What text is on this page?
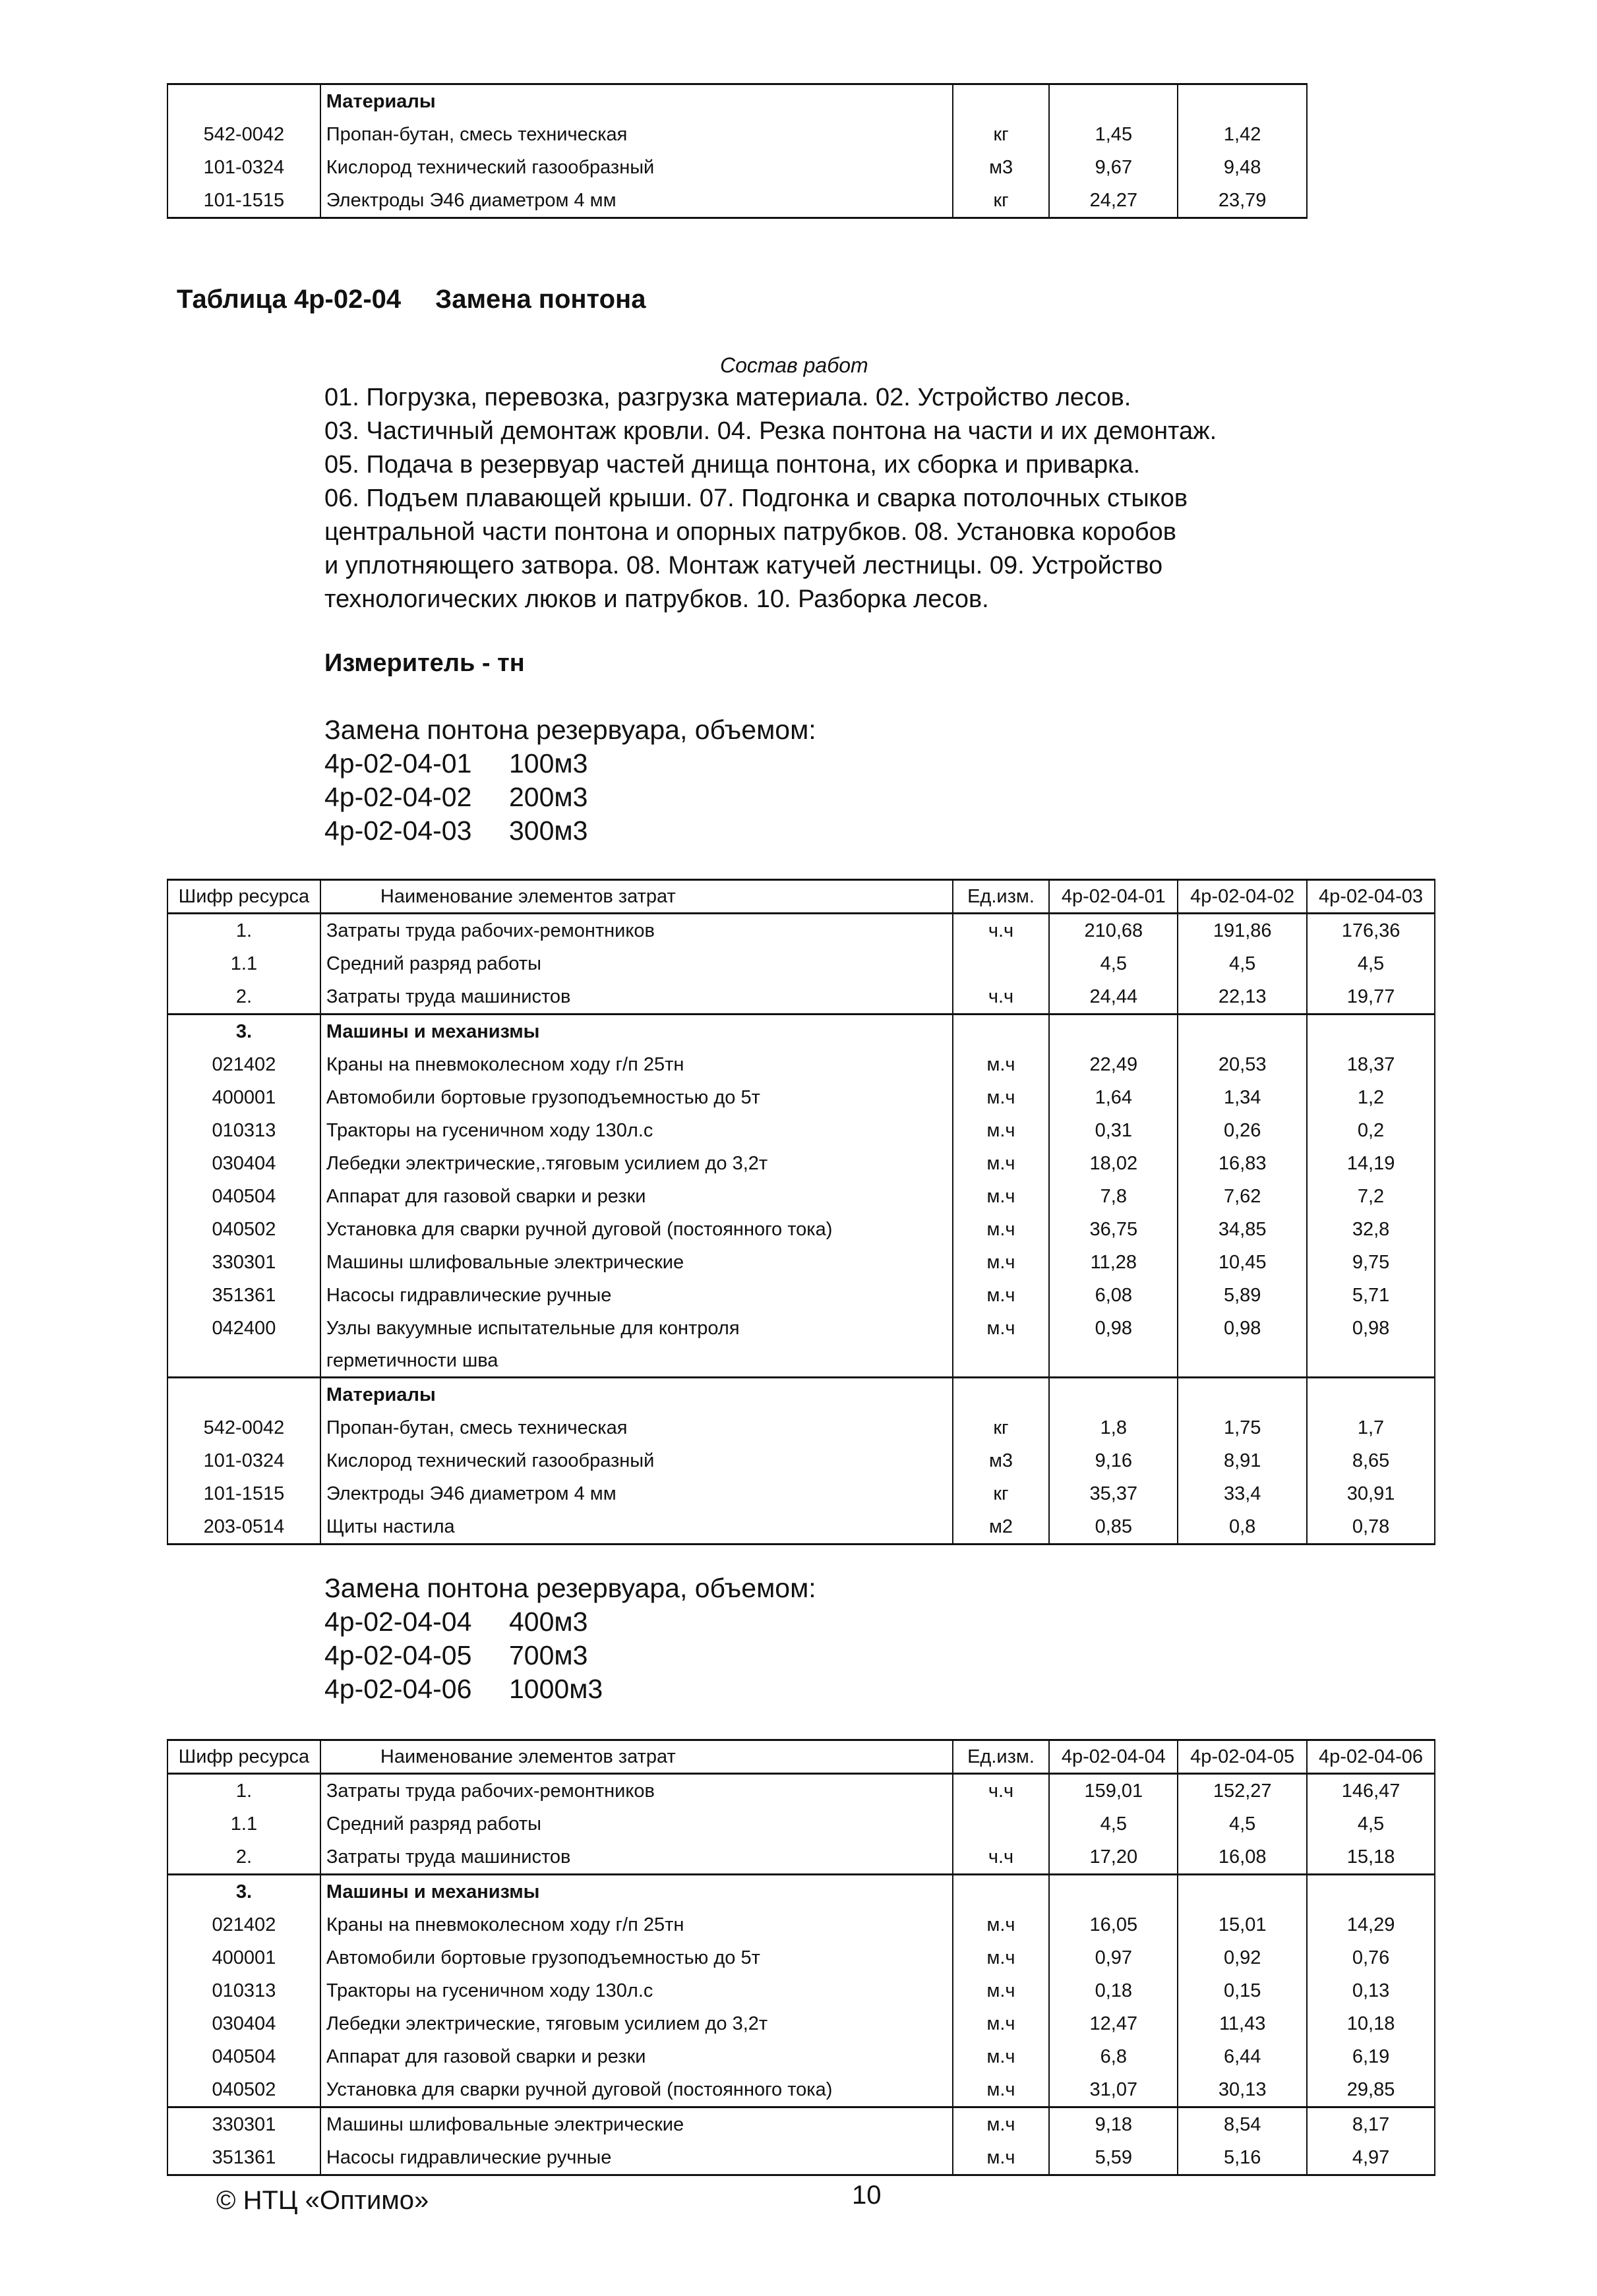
	Материалы			
542-0042	Пропан-бутан, смесь техническая	кг	1,45	1,42
101-0324	Кислород технический газообразный	м3	9,67	9,48
101-1515	Электроды Э46 диаметром 4 мм	кг	24,27	23,79
Таблица 4р-02-04 Замена понтона
Состав работ
01. Погрузка, перевозка, разгрузка материала. 02. Устройство лесов.
03. Частичный демонтаж кровли. 04. Резка понтона на части и их демонтаж.
05. Подача в резервуар частей днища понтона, их сборка и приварка.
06. Подъем плавающей крыши. 07. Подгонка и сварка потолочных стыков
центральной части понтона и опорных патрубков. 08. Установка коробов
и уплотняющего затвора. 08. Монтаж катучей лестницы. 09. Устройство
технологических люков и патрубков. 10. Разборка лесов.
Измеритель - тн
Замена понтона резервуара, объемом:
4р-02-04-01 100м3
4р-02-04-02 200м3
4р-02-04-03 300м3
Шифр ресурса	Наименование элементов затрат	Ед.изм.	4р-02-04-01	4р-02-04-02	4р-02-04-03
1.	Затраты труда рабочих-ремонтников	ч.ч	210,68	191,86	176,36
1.1	Средний разряд работы		4,5	4,5	4,5
2.	Затраты труда машинистов	ч.ч	24,44	22,13	19,77
3.	Машины и механизмы				
021402	Краны на пневмоколесном ходу г/п 25тн	м.ч	22,49	20,53	18,37
400001	Автомобили бортовые грузоподъемностью до 5т	м.ч	1,64	1,34	1,2
010313	Тракторы на гусеничном ходу 130л.с	м.ч	0,31	0,26	0,2
030404	Лебедки электрические,.тяговым усилием до 3,2т	м.ч	18,02	16,83	14,19
040504	Аппарат для газовой сварки и резки	м.ч	7,8	7,62	7,2
040502	Установка для сварки ручной дуговой (постоянного тока)	м.ч	36,75	34,85	32,8
330301	Машины шлифовальные электрические	м.ч	11,28	10,45	9,75
351361	Насосы гидравлические ручные	м.ч	6,08	5,89	5,71
042400	Узлы вакуумные испытательные для контроля	м.ч	0,98	0,98	0,98
	герметичности шва				
	Материалы				
542-0042	Пропан-бутан, смесь техническая	кг	1,8	1,75	1,7
101-0324	Кислород технический газообразный	м3	9,16	8,91	8,65
101-1515	Электроды Э46 диаметром 4 мм	кг	35,37	33,4	30,91
203-0514	Щиты настила	м2	0,85	0,8	0,78
Замена понтона резервуара, объемом:
4р-02-04-04 400м3
4р-02-04-05 700м3
4р-02-04-06 1000м3
Шифр ресурса	Наименование элементов затрат	Ед.изм.	4р-02-04-04	4р-02-04-05	4р-02-04-06
1.	Затраты труда рабочих-ремонтников	ч.ч	159,01	152,27	146,47
1.1	Средний разряд работы		4,5	4,5	4,5
2.	Затраты труда машинистов	ч.ч	17,20	16,08	15,18
3.	Машины и механизмы				
021402	Краны на пневмоколесном ходу г/п 25тн	м.ч	16,05	15,01	14,29
400001	Автомобили бортовые грузоподъемностью до 5т	м.ч	0,97	0,92	0,76
010313	Тракторы на гусеничном ходу 130л.с	м.ч	0,18	0,15	0,13
030404	Лебедки электрические, тяговым усилием до 3,2т	м.ч	12,47	11,43	10,18
040504	Аппарат для газовой сварки и резки	м.ч	6,8	6,44	6,19
040502	Установка для сварки ручной дуговой (постоянного тока)	м.ч	31,07	30,13	29,85
330301	Машины шлифовальные электрические	м.ч	9,18	8,54	8,17
351361	Насосы гидравлические ручные	м.ч	5,59	5,16	4,97
© НТЦ «Оптимо»	10
